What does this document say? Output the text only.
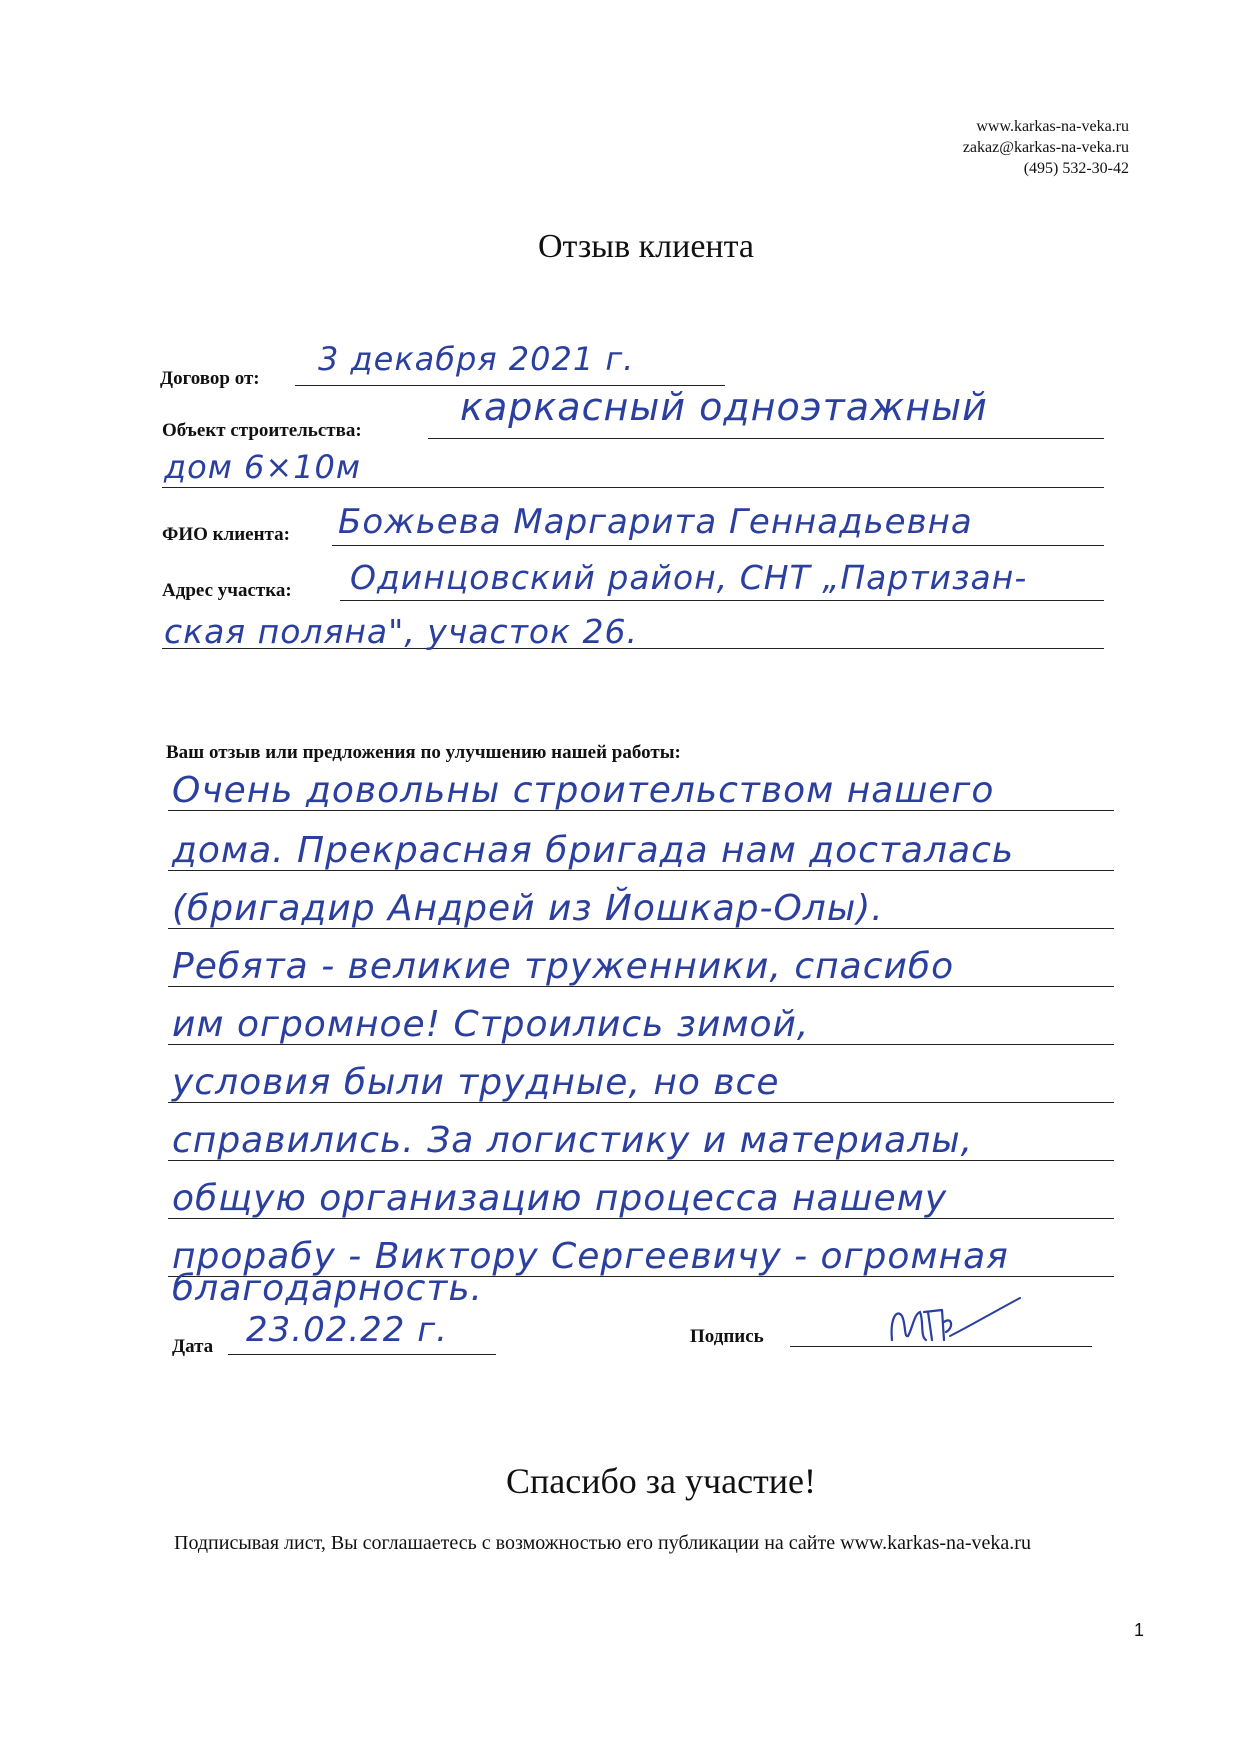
www.karkas-na-veka.ru
zakaz@karkas-na-veka.ru
(495) 532-30-42
Отзыв клиента
Договор от:
3 декабря 2021 г.
Объект строительства:
каркасный одноэтажный
дом 6×10м
ФИО клиента: Божьева Маргарита Геннадьевна
Адрес участка: Одинцовский район, СНТ „Партизан-
ская поляна", участок 26.
Ваш отзыв или предложения по улучшению нашей работы:
Очень довольны строительством нашего
дома. Прекрасная бригада нам досталась
(бригадир Андрей из Йошкар-Олы).
Ребята - великие труженники, спасибо
им огромное! Строились зимой,
условия были трудные, но все
справились. За логистику и материалы,
общую организацию процесса нашему
прорабу - Виктору Сергеевичу - огромная
благодарность.
Дата 23.02.22 г.	Подпись
Спасибо за участие!
Подписывая лист, Вы соглашаетесь с возможностью его публикации на сайте www.karkas-na-veka.ru
1
